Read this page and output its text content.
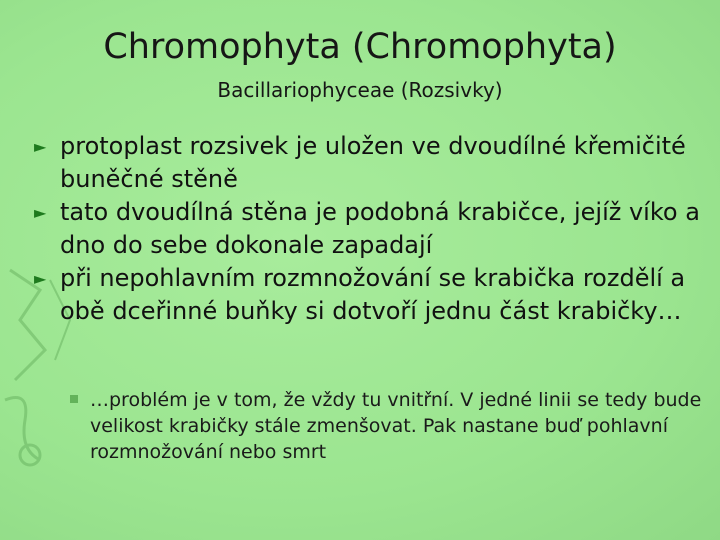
Chromophyta (Chromophyta)
Bacillariophyceae (Rozsivky)
► protoplast rozsivek je uložen ve dvoudílné křemičité buněčné stěně
► tato dvoudílná stěna je podobná krabičce, jejíž víko a dno do sebe dokonale zapadají
► při nepohlavním rozmnožování se krabička rozdělí a obě dceřinné buňky si dotvoří jednu část krabičky…
…problém je v tom, že vždy tu vnitřní. V jedné linii se tedy bude velikost krabičky stále zmenšovat. Pak nastane buď pohlavní rozmnožování nebo smrt
